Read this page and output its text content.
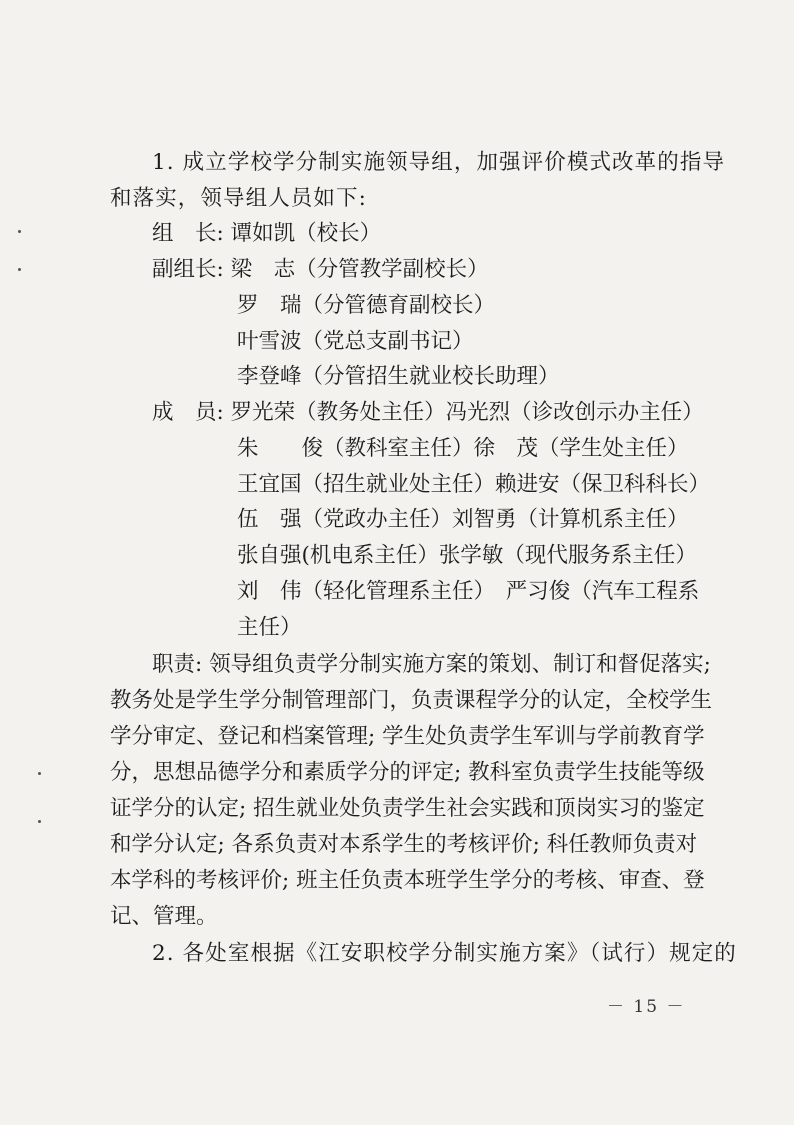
1. 成立学校学分制实施领导组，加强评价模式改革的指导
和落实，领导组人员如下:
组　长: 谭如凯（校长）
副组长: 梁　志（分管教学副校长）
罗　瑞（分管德育副校长）
叶雪波（党总支副书记）
李登峰（分管招生就业校长助理）
成　员: 罗光荣（教务处主任）冯光烈（诊改创示办主任）
朱　　俊（教科室主任）徐　茂（学生处主任）
王宜国（招生就业处主任）赖进安（保卫科科长）
伍　强（党政办主任）刘智勇（计算机系主任）
张自强(机电系主任）张学敏（现代服务系主任）
刘　伟（轻化管理系主任）　严习俊（汽车工程系
主任）
职责: 领导组负责学分制实施方案的策划、制订和督促落实;
教务处是学生学分制管理部门，负责课程学分的认定，全校学生
学分审定、登记和档案管理; 学生处负责学生军训与学前教育学
分，思想品德学分和素质学分的评定; 教科室负责学生技能等级
证学分的认定; 招生就业处负责学生社会实践和顶岗实习的鉴定
和学分认定; 各系负责对本系学生的考核评价; 科任教师负责对
本学科的考核评价; 班主任负责本班学生学分的考核、审查、登
记、管理。
2. 各处室根据《江安职校学分制实施方案》（试行）规定的
－ 15 －
